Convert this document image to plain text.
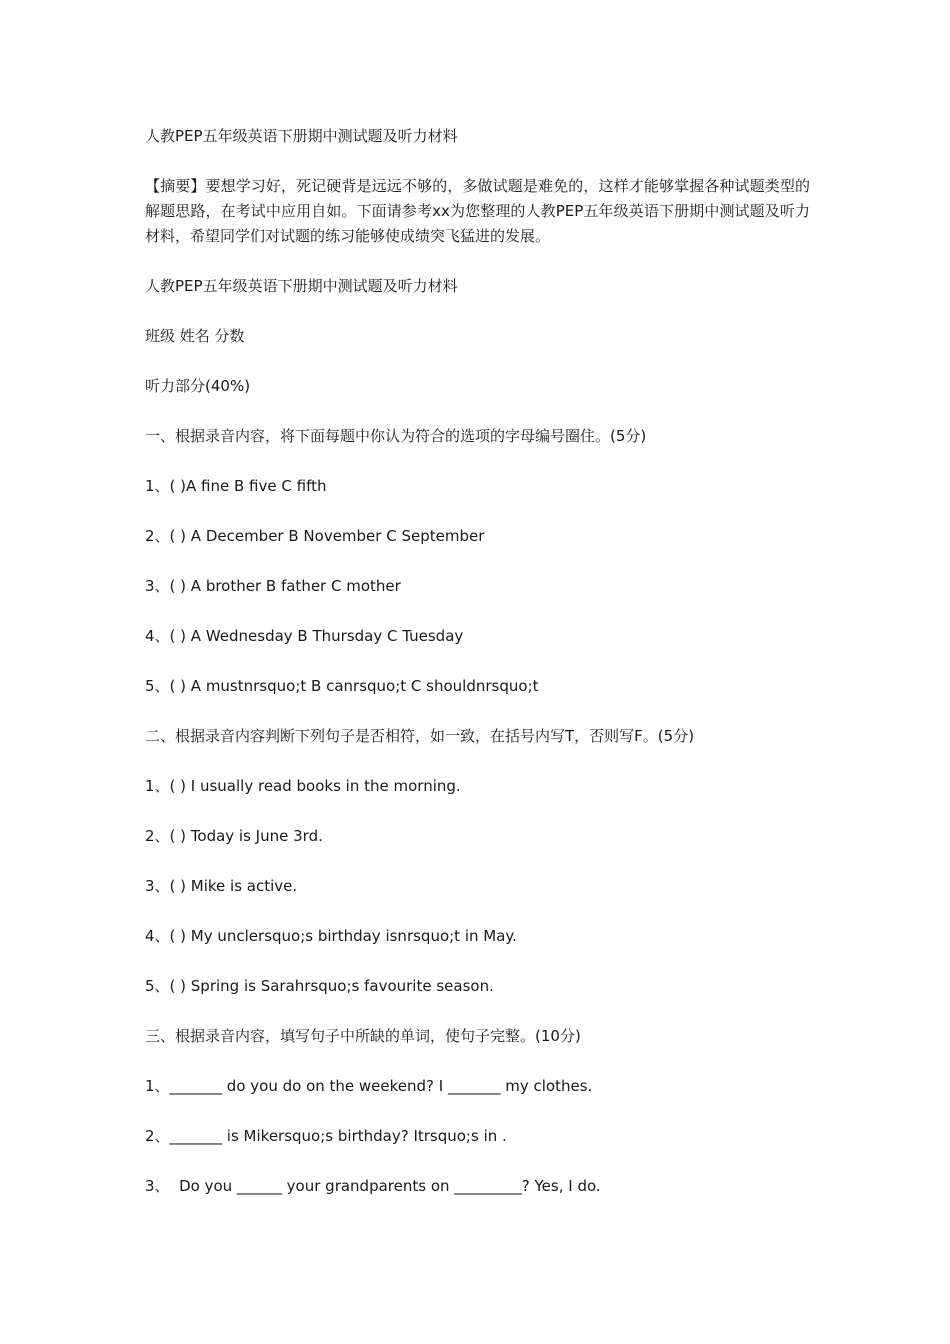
人教PEP五年级英语下册期中测试题及听力材料

【摘要】要想学习好，死记硬背是远远不够的，多做试题是难免的，这样才能够掌握各种试题类型的解题思路，在考试中应用自如。下面请参考xx为您整理的人教PEP五年级英语下册期中测试题及听力材料，希望同学们对试题的练习能够使成绩突飞猛进的发展。

人教PEP五年级英语下册期中测试题及听力材料

班级 姓名 分数

听力部分(40%)

一、根据录音内容，将下面每题中你认为符合的选项的字母编号圈住。(5分)

1、( )A fine B five C fifth

2、( ) A December B November C September

3、( ) A brother B father C mother

4、( ) A Wednesday B Thursday C Tuesday

5、( ) A mustnrsquo;t B canrsquo;t C shouldnrsquo;t

二、根据录音内容判断下列句子是否相符，如一致，在括号内写T，否则写F。(5分)

1、( ) I usually read books in the morning.

2、( ) Today is June 3rd.

3、( ) Mike is active.

4、( ) My unclersquo;s birthday isnrsquo;t in May.

5、( ) Spring is Sarahrsquo;s favourite season.

三、根据录音内容，填写句子中所缺的单词，使句子完整。(10分)

1、_______ do you do on the weekend? I _______ my clothes.

2、_______ is Mikersquo;s birthday? Itrsquo;s in .

3、  Do you ______ your grandparents on _________? Yes, I do.
